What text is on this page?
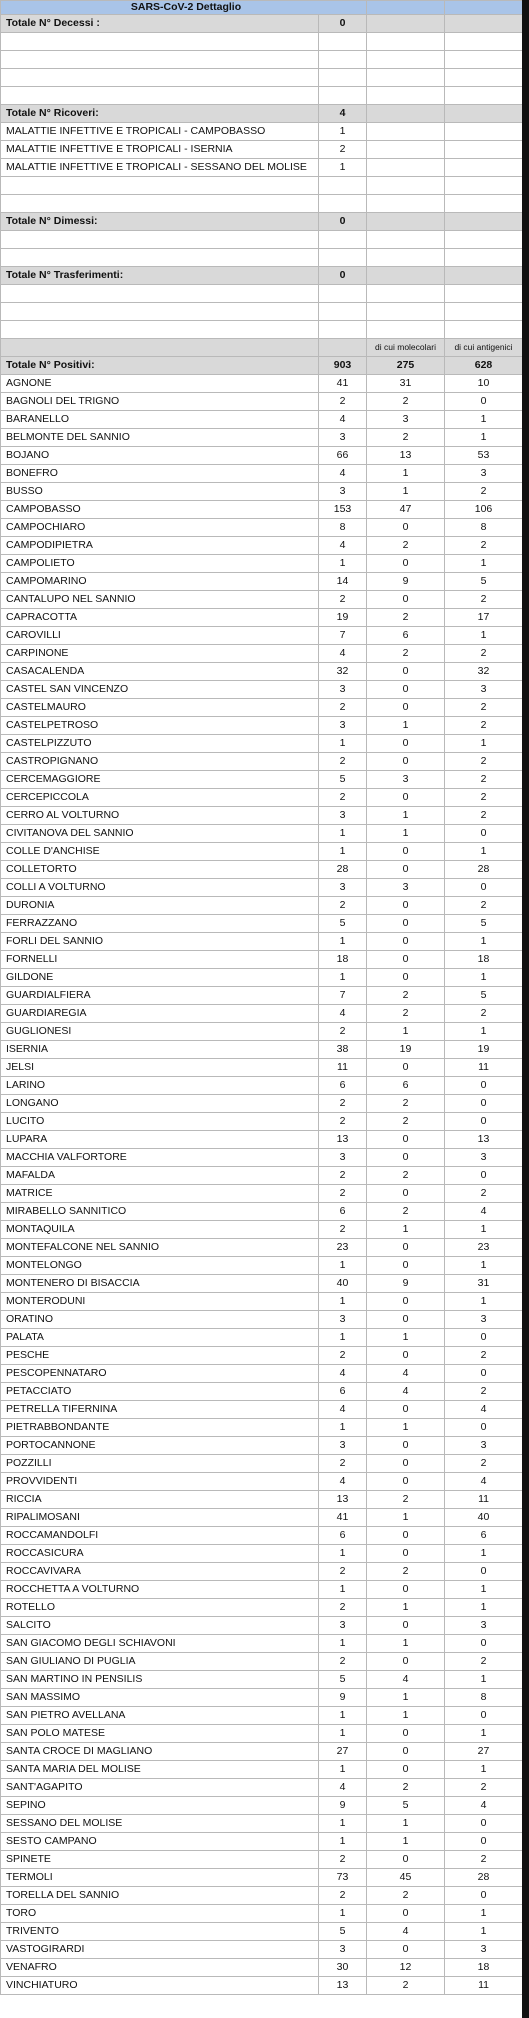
SARS-CoV-2 Dettaglio			
Totale N° Decessi :	0		

Totale N° Ricoveri:	4		
MALATTIE INFETTIVE E TROPICALI - CAMPOBASSO	1		
MALATTIE INFETTIVE E TROPICALI - ISERNIA	2		
MALATTIE INFETTIVE E TROPICALI - SESSANO DEL MOLISE	1		

Totale N° Dimessi:	0		

Totale N° Trasferimenti:	0		

		di cui molecolari	di cui antigenici
Totale N° Positivi:	903	275	628
AGNONE	41	31	10
BAGNOLI DEL TRIGNO	2	2	0
BARANELLO	4	3	1
BELMONTE DEL SANNIO	3	2	1
BOJANO	66	13	53
BONEFRO	4	1	3
BUSSO	3	1	2
CAMPOBASSO	153	47	106
CAMPOCHIARO	8	0	8
CAMPODIPIETRA	4	2	2
CAMPOLIETO	1	0	1
CAMPOMARINO	14	9	5
CANTALUPO NEL SANNIO	2	0	2
CAPRACOTTA	19	2	17
CAROVILLI	7	6	1
CARPINONE	4	2	2
CASACALENDA	32	0	32
CASTEL SAN VINCENZO	3	0	3
CASTELMAURO	2	0	2
CASTELPETROSO	3	1	2
CASTELPIZZUTO	1	0	1
CASTROPIGNANO	2	0	2
CERCEMAGGIORE	5	3	2
CERCEPICCOLA	2	0	2
CERRO AL VOLTURNO	3	1	2
CIVITANOVA DEL SANNIO	1	1	0
COLLE D'ANCHISE	1	0	1
COLLETORTO	28	0	28
COLLI A VOLTURNO	3	3	0
DURONIA	2	0	2
FERRAZZANO	5	0	5
FORLI DEL SANNIO	1	0	1
FORNELLI	18	0	18
GILDONE	1	0	1
GUARDIALFIERA	7	2	5
GUARDIAREGIA	4	2	2
GUGLIONESI	2	1	1
ISERNIA	38	19	19
JELSI	11	0	11
LARINO	6	6	0
LONGANO	2	2	0
LUCITO	2	2	0
LUPARA	13	0	13
MACCHIA VALFORTORE	3	0	3
MAFALDA	2	2	0
MATRICE	2	0	2
MIRABELLO SANNITICO	6	2	4
MONTAQUILA	2	1	1
MONTEFALCONE NEL SANNIO	23	0	23
MONTELONGO	1	0	1
MONTENERO DI BISACCIA	40	9	31
MONTERODUNI	1	0	1
ORATINO	3	0	3
PALATA	1	1	0
PESCHE	2	0	2
PESCOPENNATARO	4	4	0
PETACCIATO	6	4	2
PETRELLA TIFERNINA	4	0	4
PIETRABBONDANTE	1	1	0
PORTOCANNONE	3	0	3
POZZILLI	2	0	2
PROVVIDENTI	4	0	4
RICCIA	13	2	11
RIPALIMOSANI	41	1	40
ROCCAMANDOLFI	6	0	6
ROCCASICURA	1	0	1
ROCCAVIVARA	2	2	0
ROCCHETTA A VOLTURNO	1	0	1
ROTELLO	2	1	1
SALCITO	3	0	3
SAN GIACOMO DEGLI SCHIAVONI	1	1	0
SAN GIULIANO DI PUGLIA	2	0	2
SAN MARTINO IN PENSILIS	5	4	1
SAN MASSIMO	9	1	8
SAN PIETRO AVELLANA	1	1	0
SAN POLO MATESE	1	0	1
SANTA CROCE DI MAGLIANO	27	0	27
SANTA MARIA DEL MOLISE	1	0	1
SANT'AGAPITO	4	2	2
SEPINO	9	5	4
SESSANO DEL MOLISE	1	1	0
SESTO CAMPANO	1	1	0
SPINETE	2	0	2
TERMOLI	73	45	28
TORELLA DEL SANNIO	2	2	0
TORO	1	0	1
TRIVENTO	5	4	1
VASTOGIRARDI	3	0	3
VENAFRO	30	12	18
VINCHIATURO	13	2	11
